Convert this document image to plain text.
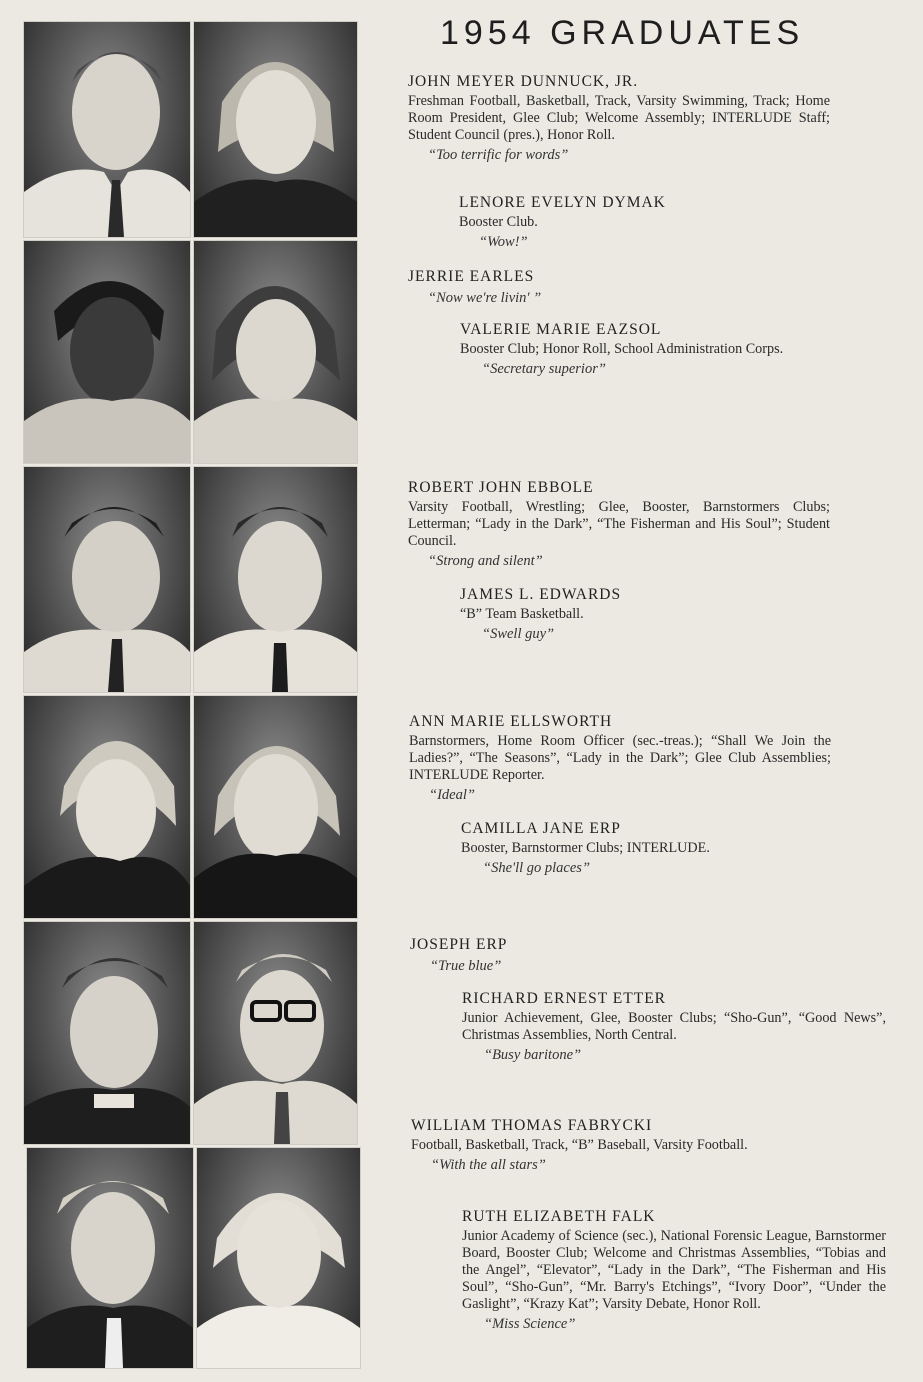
1954 GRADUATES
JOHN MEYER DUNNUCK, JR.
Freshman Football, Basketball, Track, Varsity Swimming, Track; Home Room President, Glee Club; Welcome Assembly; INTERLUDE Staff; Student Council (pres.), Honor Roll.
“Too terrific for words”
LENORE EVELYN DYMAK
Booster Club.
“Wow!”
JERRIE EARLES
“Now we're livin' ”
VALERIE MARIE EAZSOL
Booster Club; Honor Roll, School Administration Corps.
“Secretary superior”
ROBERT JOHN EBBOLE
Varsity Football, Wrestling; Glee, Booster, Barnstormers Clubs; Letterman; “Lady in the Dark”, “The Fisherman and His Soul”; Student Council.
“Strong and silent”
JAMES L. EDWARDS
“B” Team Basketball.
“Swell guy”
ANN MARIE ELLSWORTH
Barnstormers, Home Room Officer (sec.-treas.); “Shall We Join the Ladies?”, “The Seasons”, “Lady in the Dark”; Glee Club Assemblies; INTERLUDE Reporter.
“Ideal”
CAMILLA JANE ERP
Booster, Barnstormer Clubs; INTERLUDE.
“She'll go places”
JOSEPH ERP
“True blue”
RICHARD ERNEST ETTER
Junior Achievement, Glee, Booster Clubs; “Sho-Gun”, “Good News”, Christmas Assemblies, North Central.
“Busy baritone”
WILLIAM THOMAS FABRYCKI
Football, Basketball, Track, “B” Baseball, Varsity Football.
“With the all stars”
RUTH ELIZABETH FALK
Junior Academy of Science (sec.), National Forensic League, Barnstormer Board, Booster Club; Welcome and Christmas Assemblies, “Tobias and the Angel”, “Elevator”, “Lady in the Dark”, “The Fisherman and His Soul”, “Sho-Gun”, “Mr. Barry's Etchings”, “Ivory Door”, “Under the Gaslight”, “Krazy Kat”; Varsity Debate, Honor Roll.
“Miss Science”
